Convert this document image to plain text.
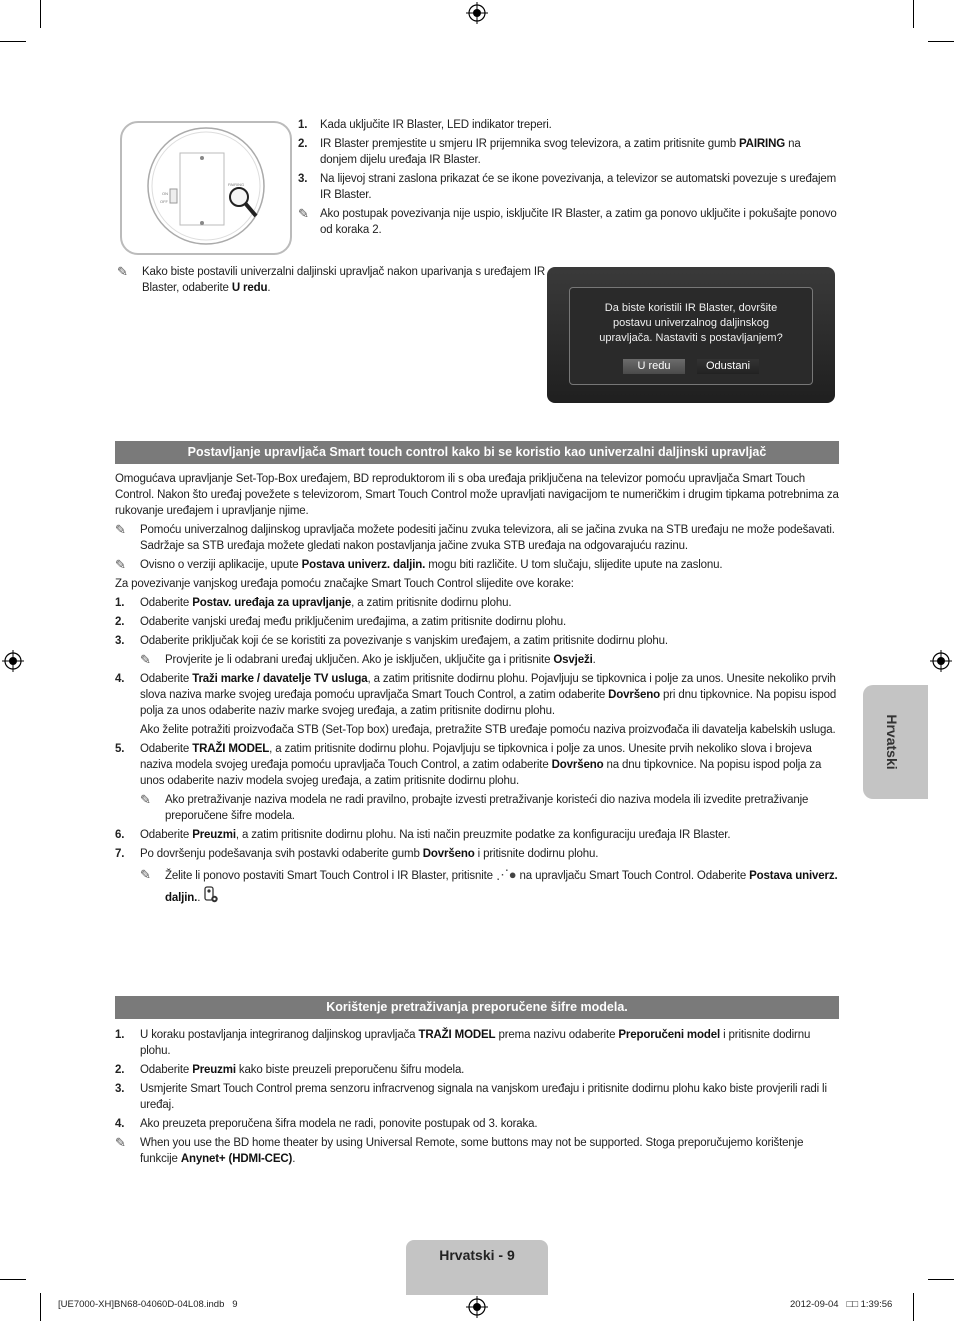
ON
OFF
PAIRING
1. Kada uključite IR Blaster, LED indikator treperi.
2. IR Blaster premjestite u smjeru IR prijemnika svog televizora, a zatim pritisnite gumb PAIRING na donjem dijelu uređaja IR Blaster.
3. Na lijevoj strani zaslona prikazat će se ikone povezivanja, a televizor se automatski povezuje s uređajem IR Blaster.
✎ Ako postupak povezivanja nije uspio, isključite IR Blaster, a zatim ga ponovo uključite i pokušajte ponovo od koraka 2.
✎ Kako biste postavili univerzalni daljinski upravljač nakon uparivanja s uređajem IR Blaster, odaberite U redu.
Da biste koristili IR Blaster, dovršite postavu univerzalnog daljinskog upravljača. Nastaviti s postavljanjem?
U redu	Odustani
Postavljanje upravljača Smart touch control kako bi se koristio kao univerzalni daljinski upravljač
Omogućava upravljanje Set-Top-Box uređajem, BD reproduktorom ili s oba uređaja priključena na televizor pomoću upravljača Smart Touch Control. Nakon što uređaj povežete s televizorom, Smart Touch Control može upravljati navigacijom te numeričkim i drugim tipkama potrebnima za rukovanje uređajem i upravljanje njime.
✎ Pomoću univerzalnog daljinskog upravljača možete podesiti jačinu zvuka televizora, ali se jačina zvuka na STB uređaju ne može podešavati. Sadržaje sa STB uređaja možete gledati nakon postavljanja jačine zvuka STB uređaja na odgovarajuću razinu.
✎ Ovisno o verziji aplikacije, upute Postava univerz. daljin. mogu biti različite. U tom slučaju, slijedite upute na zaslonu.
Za povezivanje vanjskog uređaja pomoću značajke Smart Touch Control slijedite ove korake:
1. Odaberite Postav. uređaja za upravljanje, a zatim pritisnite dodirnu plohu.
2. Odaberite vanjski uređaj među priključenim uređajima, a zatim pritisnite dodirnu plohu.
3. Odaberite priključak koji će se koristiti za povezivanje s vanjskim uređajem, a zatim pritisnite dodirnu plohu.
✎ Provjerite je li odabrani uređaj uključen. Ako je isključen, uključite ga i pritisnite Osvježi.
4. Odaberite Traži marke / davatelje TV usluga, a zatim pritisnite dodirnu plohu. Pojavljuju se tipkovnica i polje za unos. Unesite nekoliko prvih slova naziva marke svojeg uređaja pomoću upravljača Smart Touch Control, a zatim odaberite Dovršeno pri dnu tipkovnice. Na popisu ispod polja za unos odaberite naziv marke svojeg uređaja, a zatim pritisnite dodirnu plohu.
Ako želite potražiti proizvođača STB (Set-Top box) uređaja, pretražite STB uređaje pomoću naziva proizvođača ili davatelja kabelskih usluga.
5. Odaberite TRAŽI MODEL, a zatim pritisnite dodirnu plohu. Pojavljuju se tipkovnica i polje za unos. Unesite prvih nekoliko slova i brojeva naziva modela svojeg uređaja pomoću upravljača Touch Control, a zatim odaberite Dovršeno na dnu tipkovnice. Na popisu ispod polja za unos odaberite naziv modela svojeg uređaja, a zatim pritisnite dodirnu plohu.
✎ Ako pretraživanje naziva modela ne radi pravilno, probajte izvesti pretraživanje koristeći dio naziva modela ili izvedite pretraživanje preporučene šifre modela.
6. Odaberite Preuzmi, a zatim pritisnite dodirnu plohu. Na isti način preuzmite podatke za konfiguraciju uređaja IR Blaster.
7. Po dovršenju podešavanja svih postavki odaberite gumb Dovršeno i pritisnite dodirnu plohu.
✎ Želite li ponovo postaviti Smart Touch Control i IR Blaster, pritisnite ⋰● na upravljaču Smart Touch Control. Odaberite Postava univerz. daljin..
Korištenje pretraživanja preporučene šifre modela.
1. U koraku postavljanja integriranog daljinskog upravljača TRAŽI MODEL prema nazivu odaberite Preporučeni model i pritisnite dodirnu plohu.
2. Odaberite Preuzmi kako biste preuzeli preporučenu šifru modela.
3. Usmjerite Smart Touch Control prema senzoru infracrvenog signala na vanjskom uređaju i pritisnite dodirnu plohu kako biste provjerili radi li uređaj.
4. Ako preuzeta preporučena šifra modela ne radi, ponovite postupak od 3. koraka.
✎ When you use the BD home theater by using Universal Remote, some buttons may not be supported. Stoga preporučujemo korištenje funkcije Anynet+ (HDMI-CEC).
Hrvatski
Hrvatski - 9
[UE7000-XH]BN68-04060D-04L08.indb   9	2012-09-04   □□ 1:39:56
